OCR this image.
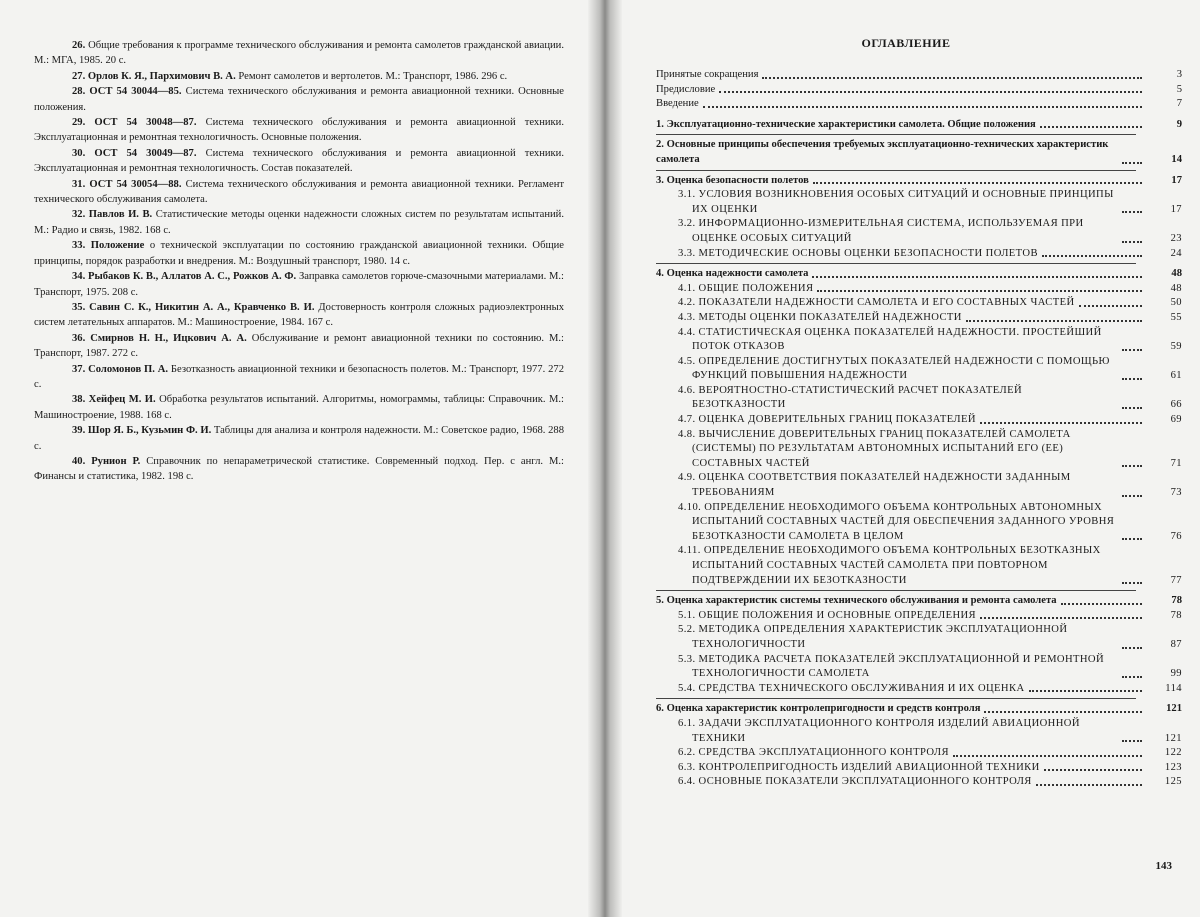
26. Общие требования к программе технического обслуживания и ремонта самолетов гражданской авиации. М.: МГА, 1985. 20 с.
27. Орлов К. Я., Пархимович В. А. Ремонт самолетов и вертолетов. М.: Транспорт, 1986. 296 с.
28. ОСТ 54 30044—85. Система технического обслуживания и ремонта авиационной техники. Основные положения.
29. ОСТ 54 30048—87. Система технического обслуживания и ремонта авиационной техники. Эксплуатационная и ремонтная технологичность. Основные положения.
30. ОСТ 54 30049—87. Система технического обслуживания и ремонта авиационной техники. Эксплуатационная и ремонтная технологичность. Состав показателей.
31. ОСТ 54 30054—88. Система технического обслуживания и ремонта авиационной техники. Регламент технического обслуживания самолета.
32. Павлов И. В. Статистические методы оценки надежности сложных систем по результатам испытаний. М.: Радио и связь, 1982. 168 с.
33. Положение о технической эксплуатации по состоянию гражданской авиационной техники. Общие принципы, порядок разработки и внедрения. М.: Воздушный транспорт, 1980. 14 с.
34. Рыбаков К. В., Аллатов А. С., Рожков А. Ф. Заправка самолетов горюче-смазочными материалами. М.: Транспорт, 1975. 208 с.
35. Савин С. К., Никитин А. А., Кравченко В. И. Достоверность контроля сложных радиоэлектронных систем летательных аппаратов. М.: Машиностроение, 1984. 167 с.
36. Смирнов Н. Н., Ицкович А. А. Обслуживание и ремонт авиационной техники по состоянию. М.: Транспорт, 1987. 272 с.
37. Соломонов П. А. Безотказность авиационной техники и безопасность полетов. М.: Транспорт, 1977. 272 с.
38. Хейфец М. И. Обработка результатов испытаний. Алгоритмы, номограммы, таблицы: Справочник. М.: Машиностроение, 1988. 168 с.
39. Шор Я. Б., Кузьмин Ф. И. Таблицы для анализа и контроля надежности. М.: Советское радио, 1968. 288 с.
40. Рунион Р. Справочник по непараметрической статистике. Современный подход. Пер. с англ. М.: Финансы и статистика, 1982. 198 с.
ОГЛАВЛЕНИЕ
Принятые сокращения	3
Предисловие	5
Введение	7
1. Эксплуатационно-технические характеристики самолета. Общие положения	9
2. Основные принципы обеспечения требуемых эксплуатационно-технических характеристик самолета	14
3. Оценка безопасности полетов	17
3.1. УСЛОВИЯ ВОЗНИКНОВЕНИЯ ОСОБЫХ СИТУАЦИЙ И ОСНОВНЫЕ ПРИНЦИПЫ ИХ ОЦЕНКИ	17
3.2. ИНФОРМАЦИОННО-ИЗМЕРИТЕЛЬНАЯ СИСТЕМА, ИСПОЛЬЗУЕМАЯ ПРИ ОЦЕНКЕ ОСОБЫХ СИТУАЦИЙ	23
3.3. МЕТОДИЧЕСКИЕ ОСНОВЫ ОЦЕНКИ БЕЗОПАСНОСТИ ПОЛЕТОВ	24
4. Оценка надежности самолета	48
4.1. ОБЩИЕ ПОЛОЖЕНИЯ	48
4.2. ПОКАЗАТЕЛИ НАДЕЖНОСТИ САМОЛЕТА И ЕГО СОСТАВНЫХ ЧАСТЕЙ	50
4.3. МЕТОДЫ ОЦЕНКИ ПОКАЗАТЕЛЕЙ НАДЕЖНОСТИ	55
4.4. СТАТИСТИЧЕСКАЯ ОЦЕНКА ПОКАЗАТЕЛЕЙ НАДЕЖНОСТИ. ПРОСТЕЙШИЙ ПОТОК ОТКАЗОВ	59
4.5. ОПРЕДЕЛЕНИЕ ДОСТИГНУТЫХ ПОКАЗАТЕЛЕЙ НАДЕЖНОСТИ С ПОМОЩЬЮ ФУНКЦИЙ ПОВЫШЕНИЯ НАДЕЖНОСТИ	61
4.6. ВЕРОЯТНОСТНО-СТАТИСТИЧЕСКИЙ РАСЧЕТ ПОКАЗАТЕЛЕЙ БЕЗОТКАЗНОСТИ	66
4.7. ОЦЕНКА ДОВЕРИТЕЛЬНЫХ ГРАНИЦ ПОКАЗАТЕЛЕЙ	69
4.8. ВЫЧИСЛЕНИЕ ДОВЕРИТЕЛЬНЫХ ГРАНИЦ ПОКАЗАТЕЛЕЙ САМОЛЕТА (СИСТЕМЫ) ПО РЕЗУЛЬТАТАМ АВТОНОМНЫХ ИСПЫТАНИЙ ЕГО (ЕЕ) СОСТАВНЫХ ЧАСТЕЙ	71
4.9. ОЦЕНКА СООТВЕТСТВИЯ ПОКАЗАТЕЛЕЙ НАДЕЖНОСТИ ЗАДАННЫМ ТРЕБОВАНИЯМ	73
4.10. ОПРЕДЕЛЕНИЕ НЕОБХОДИМОГО ОБЪЕМА КОНТРОЛЬНЫХ АВТОНОМНЫХ ИСПЫТАНИЙ СОСТАВНЫХ ЧАСТЕЙ ДЛЯ ОБЕСПЕЧЕНИЯ ЗАДАННОГО УРОВНЯ БЕЗОТКАЗНОСТИ САМОЛЕТА В ЦЕЛОМ	76
4.11. ОПРЕДЕЛЕНИЕ НЕОБХОДИМОГО ОБЪЕМА КОНТРОЛЬНЫХ БЕЗОТКАЗНЫХ ИСПЫТАНИЙ СОСТАВНЫХ ЧАСТЕЙ САМОЛЕТА ПРИ ПОВТОРНОМ ПОДТВЕРЖДЕНИИ ИХ БЕЗОТКАЗНОСТИ	77
5. Оценка характеристик системы технического обслуживания и ремонта самолета	78
5.1. ОБЩИЕ ПОЛОЖЕНИЯ И ОСНОВНЫЕ ОПРЕДЕЛЕНИЯ	78
5.2. МЕТОДИКА ОПРЕДЕЛЕНИЯ ХАРАКТЕРИСТИК ЭКСПЛУАТАЦИОННОЙ ТЕХНОЛОГИЧНОСТИ	87
5.3. МЕТОДИКА РАСЧЕТА ПОКАЗАТЕЛЕЙ ЭКСПЛУАТАЦИОННОЙ И РЕМОНТНОЙ ТЕХНОЛОГИЧНОСТИ САМОЛЕТА	99
5.4. СРЕДСТВА ТЕХНИЧЕСКОГО ОБСЛУЖИВАНИЯ И ИХ ОЦЕНКА	114
6. Оценка характеристик контролепригодности и средств контроля	121
6.1. ЗАДАЧИ ЭКСПЛУАТАЦИОННОГО КОНТРОЛЯ ИЗДЕЛИЙ АВИАЦИОННОЙ ТЕХНИКИ	121
6.2. СРЕДСТВА ЭКСПЛУАТАЦИОННОГО КОНТРОЛЯ	122
6.3. КОНТРОЛЕПРИГОДНОСТЬ ИЗДЕЛИЙ АВИАЦИОННОЙ ТЕХНИКИ	123
6.4. ОСНОВНЫЕ ПОКАЗАТЕЛИ ЭКСПЛУАТАЦИОННОГО КОНТРОЛЯ	125
143
